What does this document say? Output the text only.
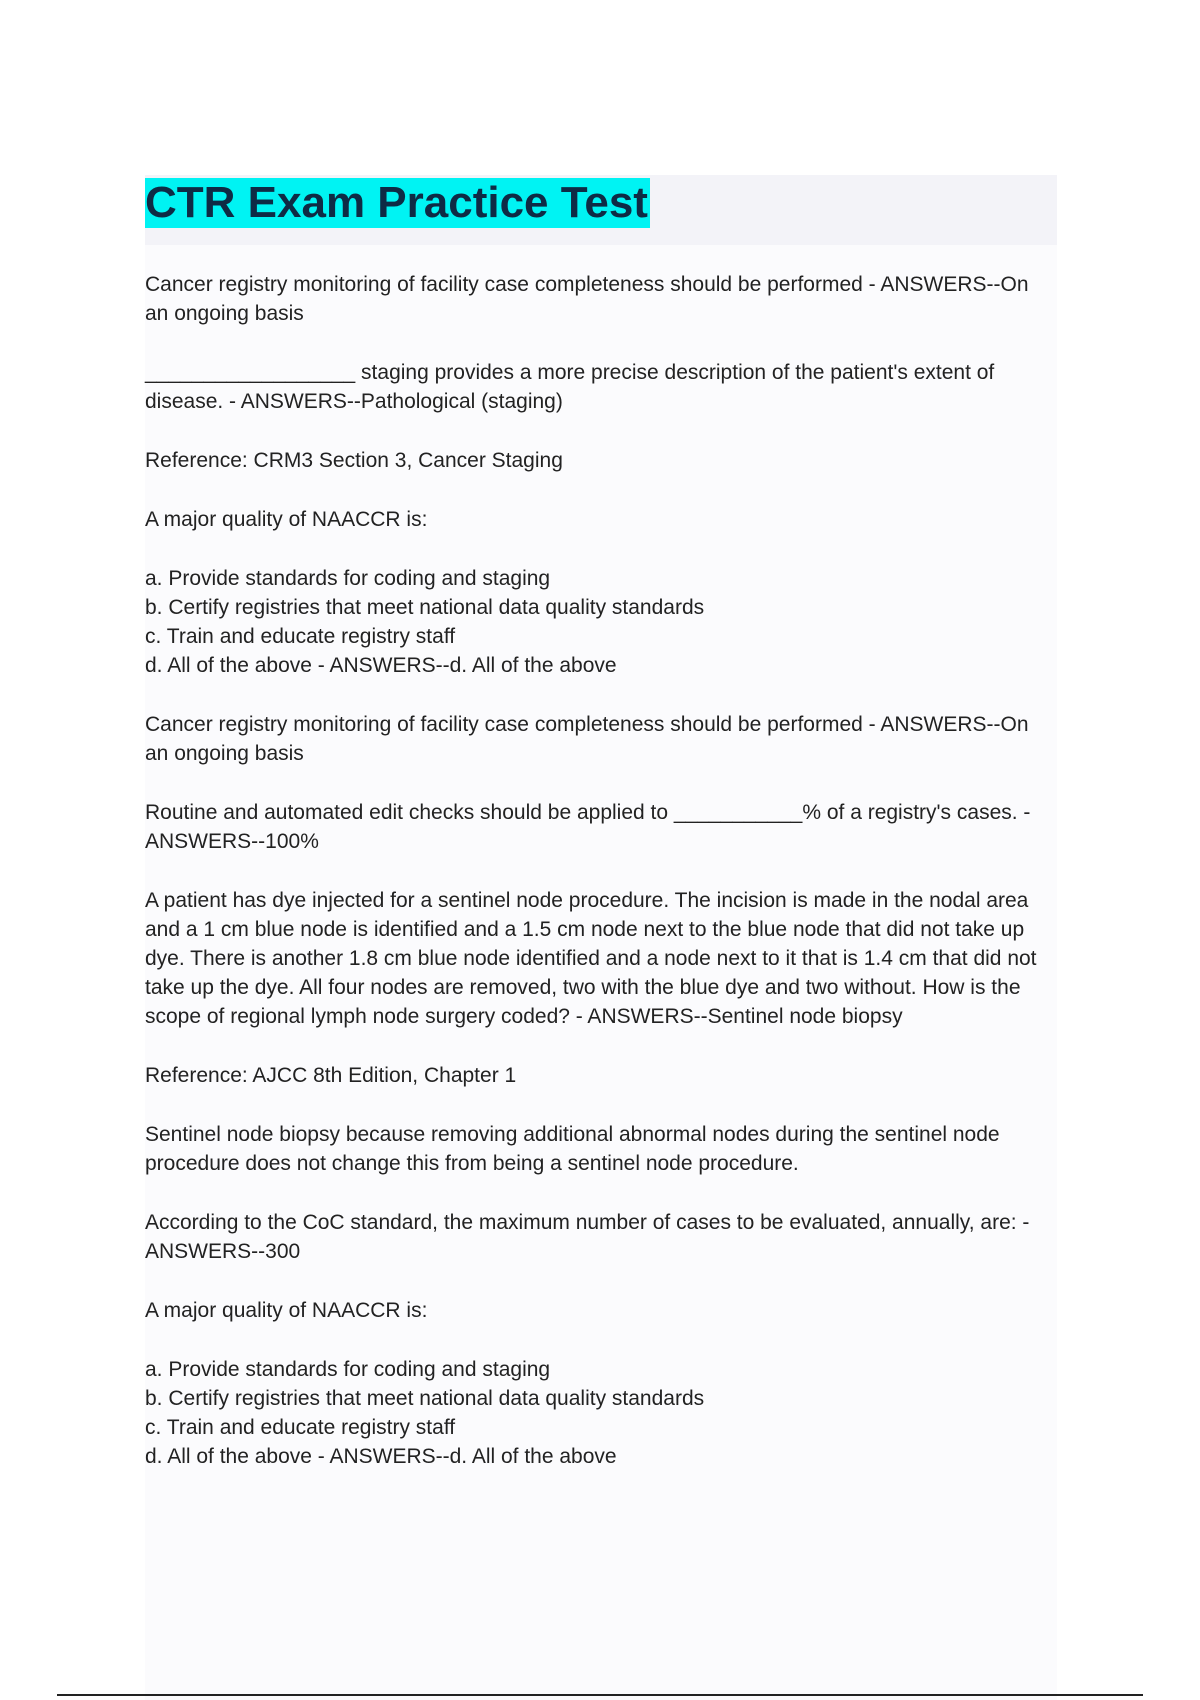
CTR Exam Practice Test

Cancer registry monitoring of facility case completeness should be performed - ANSWERS--On an ongoing basis

__________________ staging provides a more precise description of the patient's extent of disease. - ANSWERS--Pathological (staging)

Reference: CRM3 Section 3, Cancer Staging

A major quality of NAACCR is:

a. Provide standards for coding and staging

b. Certify registries that meet national data quality standards

c. Train and educate registry staff

d. All of the above - ANSWERS--d. All of the above

Cancer registry monitoring of facility case completeness should be performed - ANSWERS--On an ongoing basis

Routine and automated edit checks should be applied to ___________% of a registry's cases. - ANSWERS--100%

A patient has dye injected for a sentinel node procedure. The incision is made in the nodal area and a 1 cm blue node is identified and a 1.5 cm node next to the blue node that did not take up dye. There is another 1.8 cm blue node identified and a node next to it that is 1.4 cm that did not take up the dye. All four nodes are removed, two with the blue dye and two without. How is the scope of regional lymph node surgery coded? - ANSWERS--Sentinel node biopsy

Reference: AJCC 8th Edition, Chapter 1

Sentinel node biopsy because removing additional abnormal nodes during the sentinel node procedure does not change this from being a sentinel node procedure.

According to the CoC standard, the maximum number of cases to be evaluated, annually, are: - ANSWERS--300

A major quality of NAACCR is:

a. Provide standards for coding and staging

b. Certify registries that meet national data quality standards

c. Train and educate registry staff

d. All of the above - ANSWERS--d. All of the above
